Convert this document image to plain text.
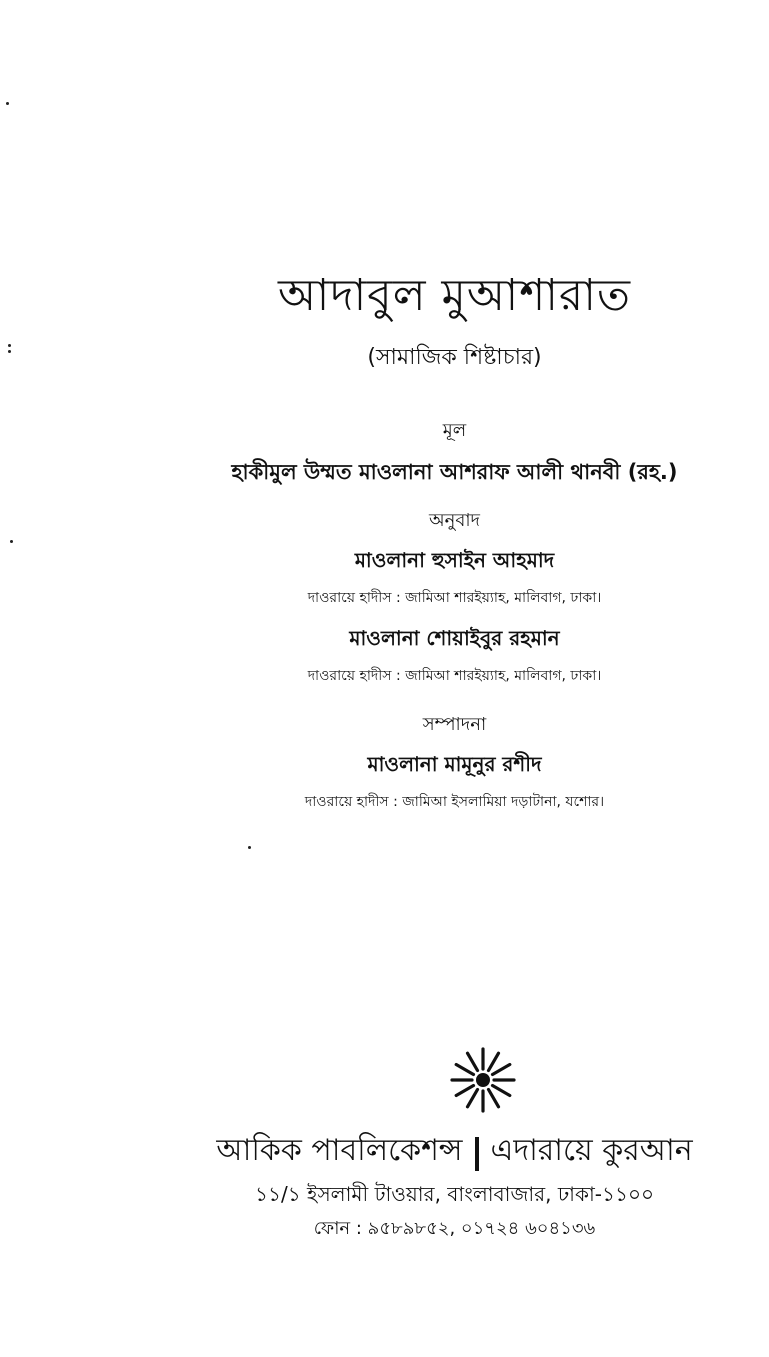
আদাবুল মুআশারাত
(সামাজিক শিষ্টাচার)
মূল
হাকীমুল উম্মত মাওলানা আশরাফ আলী থানবী (রহ.)
অনুবাদ
মাওলানা হুসাইন আহমাদ
দাওরায়ে হাদীস : জামিআ শারইয়্যাহ, মালিবাগ, ঢাকা।
মাওলানা শোয়াইবুর রহমান
দাওরায়ে হাদীস : জামিআ শারইয়্যাহ, মালিবাগ, ঢাকা।
সম্পাদনা
মাওলানা মামূনুর রশীদ
দাওরায়ে হাদীস : জামিআ ইসলামিয়া দড়াটানা, যশোর।
আকিক পাবলিকেশন্স এদারায়ে কুরআন
১১/১ ইসলামী টাওয়ার, বাংলাবাজার, ঢাকা-১১০০
ফোন : ৯৫৮৯৮৫২, ০১৭২৪ ৬০৪১৩৬
